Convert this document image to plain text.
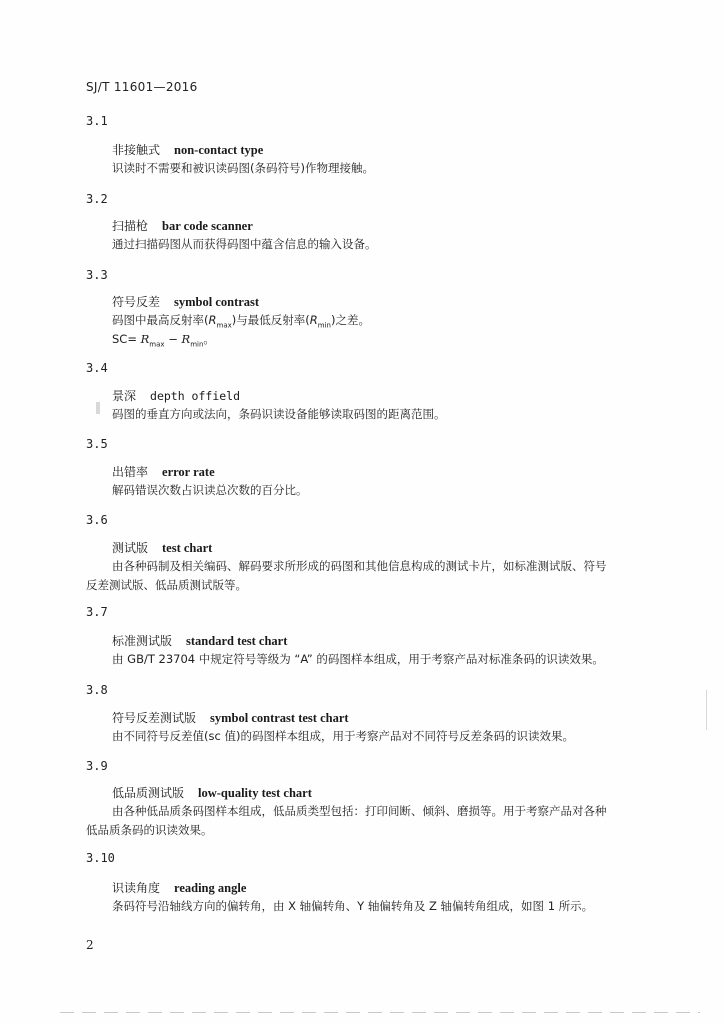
SJ/T 11601—2016
3.1
非接触式 non-contact type
识读时不需要和被识读码图(条码符号)作物理接触。
3.2
扫描枪 bar code scanner
通过扫描码图从而获得码图中蕴含信息的输入设备。
3.3
符号反差 symbol contrast
码图中最高反射率$(R_{max})$与最低反射率$(R_{min})$之差。
$SC= R_{max} - R_{min}$。
3.4
景深 depth offield
码图的垂直方向或法向，条码识读设备能够读取码图的距离范围。
3.5
出错率 error rate
解码错误次数占识读总次数的百分比。
3.6
测试版 test chart
由各种码制及相关编码、解码要求所形成的码图和其他信息构成的测试卡片，如标准测试版、符号
反差测试版、低品质测试版等。
3.7
标准测试版 standard test chart
由 GB/T 23704 中规定符号等级为 “A” 的码图样本组成，用于考察产品对标准条码的识读效果。
3.8
符号反差测试版 symbol contrast test chart
由不同符号反差值(sc 值)的码图样本组成，用于考察产品对不同符号反差条码的识读效果。
3.9
低品质测试版 low-quality test chart
由各种低品质条码图样本组成，低品质类型包括：打印间断、倾斜、磨损等。用于考察产品对各种
低品质条码的识读效果。
3.10
识读角度 reading angle
条码符号沿轴线方向的偏转角，由 X 轴偏转角、Y 轴偏转角及 Z 轴偏转角组成，如图 1 所示。
2
